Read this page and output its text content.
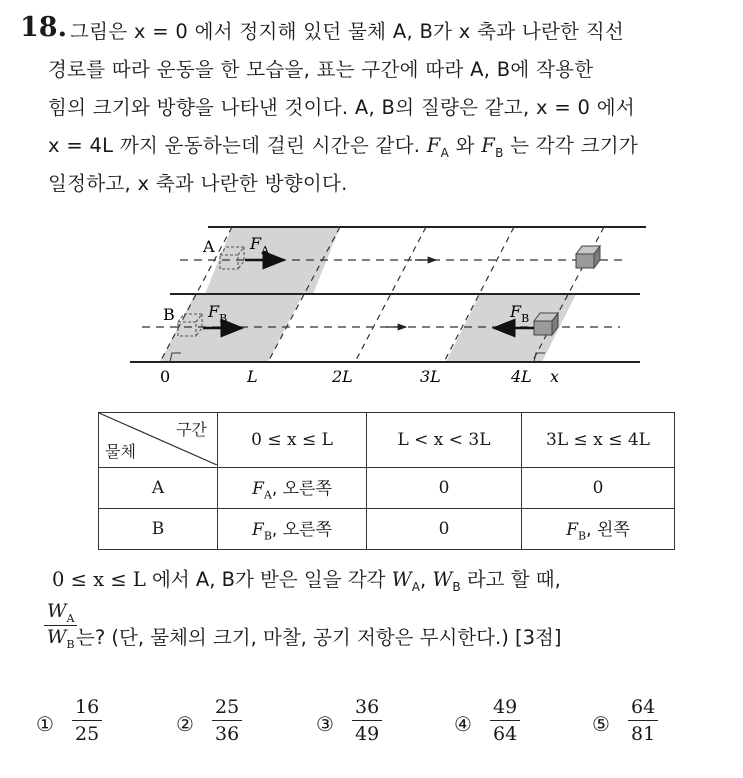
18. 그림은 x = 0 에서 정지해 있던 물체 A, B가 x 축과 나란한 직선
경로를 따라 운동을 한 모습을, 표는 구간에 따라 A, B에 작용한
힘의 크기와 방향을 나타낸 것이다. A, B의 질량은 같고, x = 0 에서
x = 4L 까지 운동하는데 걸린 시간은 같다. $F_A$ 와 $F_B$ 는 각각 크기가
일정하고, x 축과 나란한 방향이다.
A
B
$F_A$
$F_B$	$F_B$
0	L	2L	3L	4L x
구간
물체	0 ≤ x ≤ L	L < x < 3L	3L ≤ x ≤ 4L
A	$F_A$, 오른쪽	0	0
B	$F_B$, 오른쪽	0	$F_B$, 왼쪽
0 ≤ x ≤ L 에서 A, B가 받은 일을 각각 $W_A$, $W_B$ 라고 할 때,
$W_A$
$W_B$ 는? (단, 물체의 크기, 마찰, 공기 저항은 무시한다.) [3점]
①
16
25	②
25
36	③
36
49	④
49
64	⑤
64
81
